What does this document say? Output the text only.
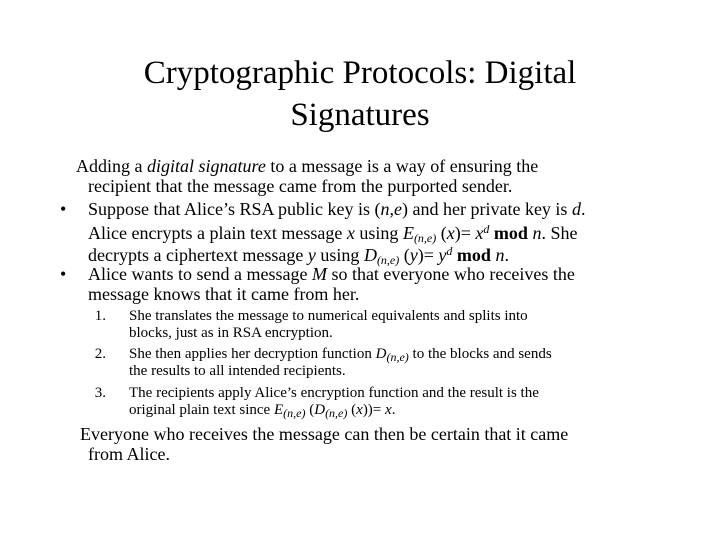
Cryptographic Protocols: Digital
Signatures
Adding a digital signature to a message is a way of ensuring the
recipient that the message came from the purported sender.
• Suppose that Alice’s RSA public key is (n,e) and her private key is d.
Alice encrypts a plain text message x using $E_{(n,e)}$ $(x)= x^d$ mod n. She
decrypts a ciphertext message y using $D_{(n,e)}$ $(y)= y^d$ mod n.
• Alice wants to send a message M so that everyone who receives the
message knows that it came from her.
1. She translates the message to numerical equivalents and splits into
blocks, just as in RSA encryption.
2. She then applies her decryption function $D_{(n,e)}$ to the blocks and sends
the results to all intended recipients.
3. The recipients apply Alice’s encryption function and the result is the
original plain text since $E_{(n,e)}$ ($D_{(n,e)}$ (x))= x.
Everyone who receives the message can then be certain that it came
from Alice.
